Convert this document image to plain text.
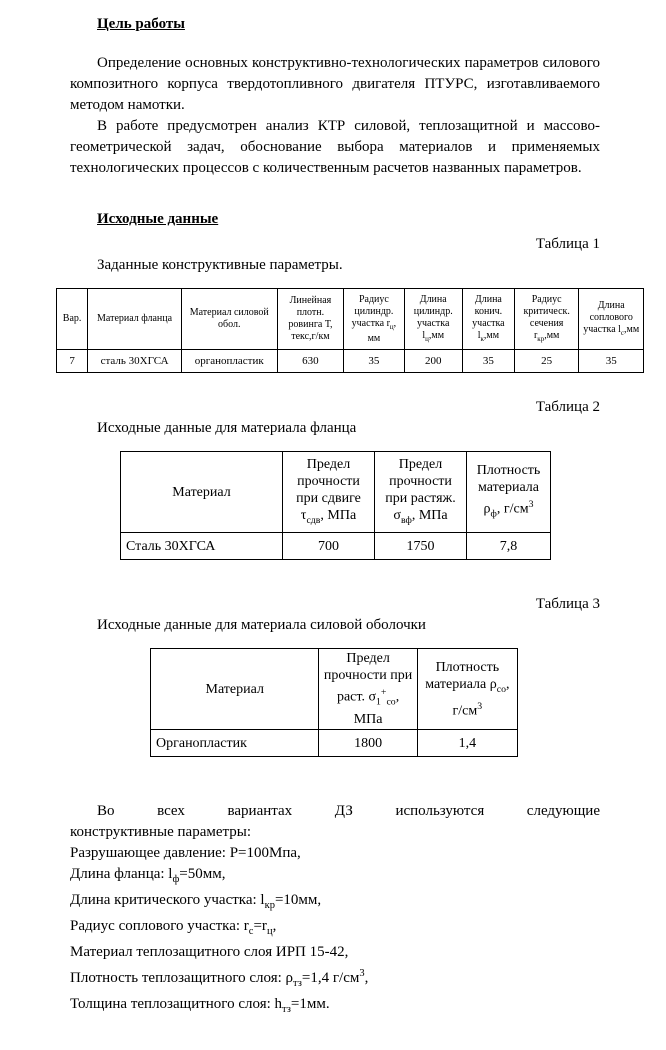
Цель работы

Определение основных конструктивно-технологических параметров силового композитного корпуса твердотопливного двигателя ПТУРС, изготавливаемого методом намотки.

В работе предусмотрен анализ КТР силовой, теплозащитной и массово-геометрической задач, обоснование выбора материалов и применяемых технологических процессов с количественным расчетов названных параметров.

Исходные данные

Таблица 1

Заданные конструктивные параметры.

Вар.	Материал фланца	Материал силовой обол.	Линейная плотн. ровинга Т, текс,г/км	Радиус цилиндр. участка $r_ц$, мм	Длина цилиндр. участка $l_ц,мм$	Длина конич. участка $l_к,мм$	Радиус критическ. сечения $r_{кр},мм$	Длина соплового участка $l_с,мм$
7	сталь 30ХГСА	органопластик	630	35	200	35	25	35

Таблица 2

Исходные данные для материала фланца

Материал	Предел прочности при сдвиге $\tau_{сдв}$, МПа	Предел прочности при растяж. $\sigma_{вф}$, МПа	Плотность материала $\rho_ф$, $г/см^3$
Сталь 30ХГСА	700	1750	7,8

Таблица 3

Исходные данные для материала силовой оболочки

Материал	Предел прочности при раст. $\sigma_1^+_{со}$, МПа	Плотность материала $\rho_{со}$, $г/см^3$
Органопластик	1800	1,4

Во всех вариантах ДЗ используются следующие

конструктивные параметры:

Разрушающее давление: Р=100Мпа,

Длина фланца: $l_ф=50мм$,

Длина критического участка: $l_{кр}=10мм$,

Радиус соплового участка: $r_с=r_ц$,

Материал теплозащитного слоя ИРП 15-42,

Плотность теплозащитного слоя: $\rho_{тз}=1,4$ $г/см^3$,

Толщина теплозащитного слоя: $h_{тз}=1мм$.
